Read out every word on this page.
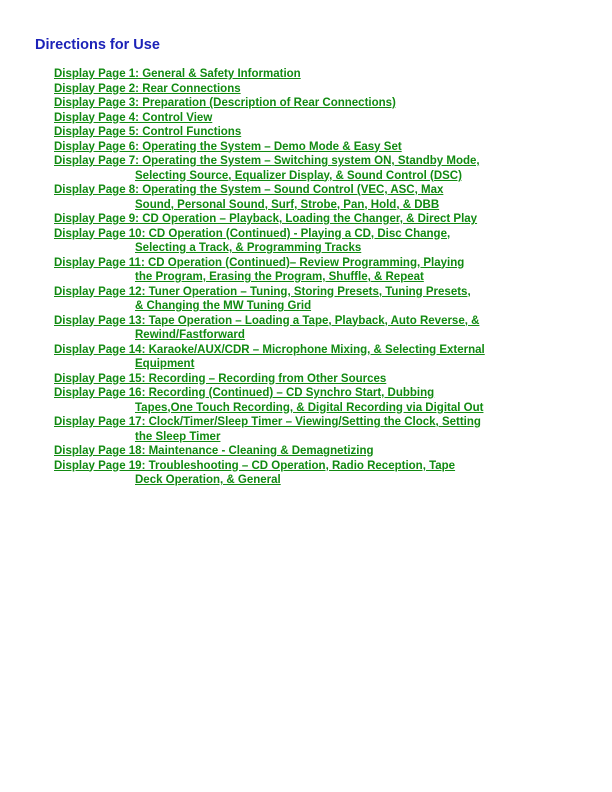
Directions for Use
Display Page 1: General & Safety Information
Display Page 2: Rear Connections
Display Page 3: Preparation (Description of Rear Connections)
Display Page 4: Control View
Display Page 5: Control Functions
Display Page 6: Operating the System – Demo Mode & Easy Set
Display Page 7: Operating the System – Switching system ON, Standby Mode,
Selecting Source, Equalizer Display, & Sound Control (DSC)
Display Page 8: Operating the System – Sound Control (VEC, ASC, Max
Sound, Personal Sound, Surf, Strobe, Pan, Hold, & DBB
Display Page 9: CD Operation – Playback, Loading the Changer, & Direct Play
Display Page 10: CD Operation (Continued) - Playing a CD, Disc Change,
Selecting a Track, & Programming Tracks
Display Page 11: CD Operation (Continued)– Review Programming, Playing
the Program, Erasing the Program, Shuffle, & Repeat
Display Page 12: Tuner Operation – Tuning, Storing Presets, Tuning Presets,
& Changing the MW Tuning Grid
Display Page 13: Tape Operation – Loading a Tape, Playback, Auto Reverse, &
Rewind/Fastforward
Display Page 14: Karaoke/AUX/CDR – Microphone Mixing, & Selecting External
Equipment
Display Page 15: Recording – Recording from Other Sources
Display Page 16: Recording (Continued) – CD Synchro Start, Dubbing
Tapes,One Touch Recording, & Digital Recording via Digital Out
Display Page 17: Clock/Timer/Sleep Timer – Viewing/Setting the Clock, Setting
the Sleep Timer
Display Page 18: Maintenance - Cleaning & Demagnetizing
Display Page 19: Troubleshooting – CD Operation, Radio Reception, Tape
Deck Operation, & General
